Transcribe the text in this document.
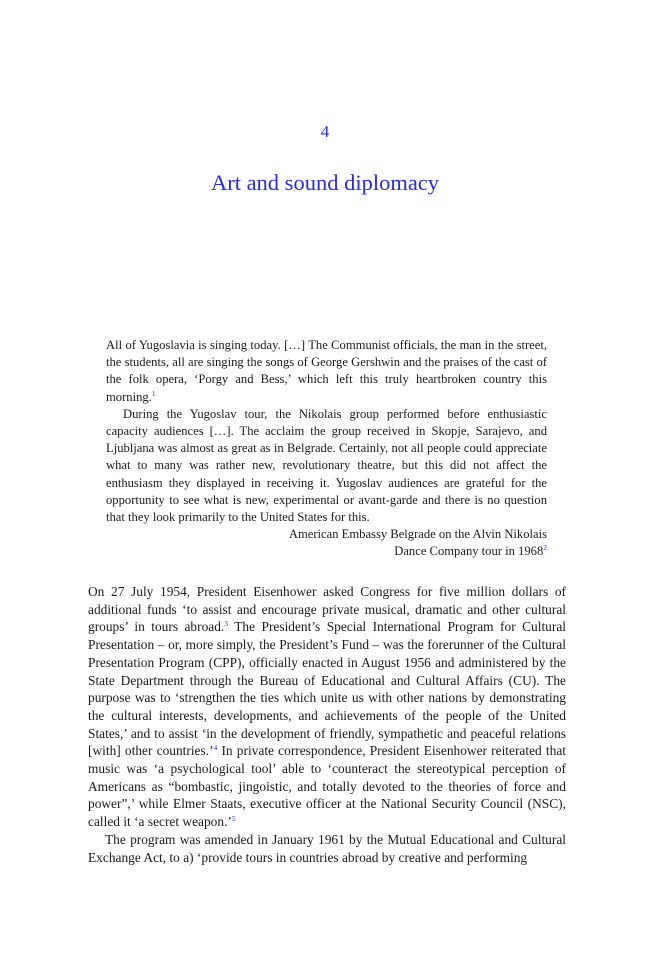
4
Art and sound diplomacy

All of Yugoslavia is singing today. […] The Communist officials, the man in the street, the students, all are singing the songs of George Gershwin and the praises of the cast of the folk opera, ‘Porgy and Bess,’ which left this truly heartbroken country this morning.$^1$

During the Yugoslav tour, the Nikolais group performed before enthusiastic capacity audiences […]. The acclaim the group received in Skopje, Sarajevo, and Ljubljana was almost as great as in Belgrade. Certainly, not all people could appreciate what to many was rather new, revolutionary theatre, but this did not affect the enthusiasm they displayed in receiving it. Yugoslav audiences are grateful for the opportunity to see what is new, experimental or avant-garde and there is no question that they look primarily to the United States for this.

American Embassy Belgrade on the Alvin Nikolais
Dance Company tour in 1968$^2$

On 27 July 1954, President Eisenhower asked Congress for five million dollars of additional funds ‘to assist and encourage private musical, dramatic and other cultural groups’ in tours abroad.$^3$ The President’s Special International Program for Cultural Presentation – or, more simply, the President’s Fund – was the forerunner of the Cultural Presentation Program (CPP), officially enacted in August 1956 and administered by the State Department through the Bureau of Educational and Cultural Affairs (CU). The purpose was to ‘strengthen the ties which unite us with other nations by demonstrating the cultural interests, developments, and achievements of the people of the United States,’ and to assist ‘in the development of friendly, sympathetic and peaceful relations [with] other countries.’$^4$ In private correspondence, President Eisenhower reiterated that music was ‘a psychological tool’ able to ‘counteract the stereotypical perception of Americans as “bombastic, jingoistic, and totally devoted to the theories of force and power”,’ while Elmer Staats, executive officer at the National Security Council (NSC), called it ‘a secret weapon.’$^5$

The program was amended in January 1961 by the Mutual Educational and Cultural Exchange Act, to a) ‘provide tours in countries abroad by creative and performing
